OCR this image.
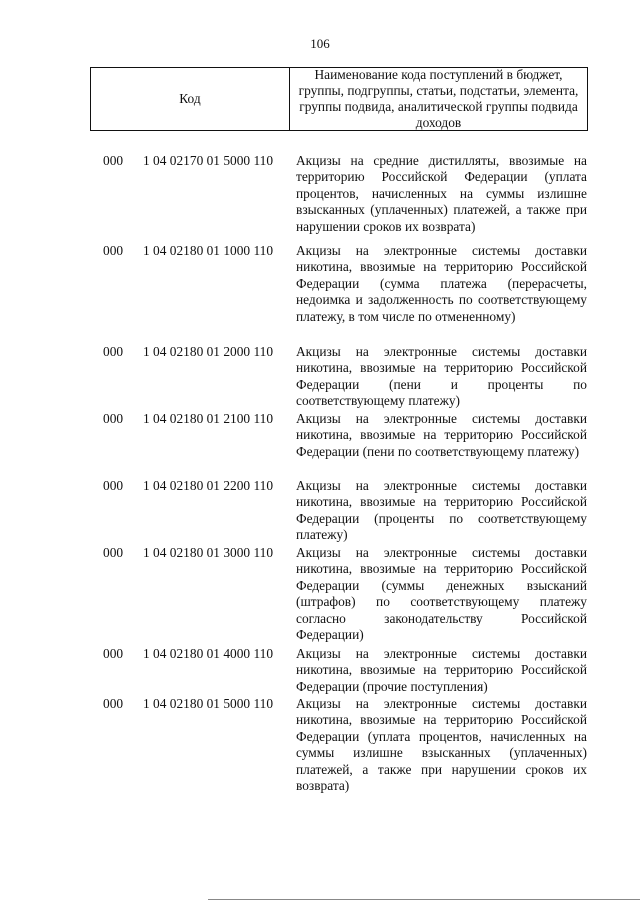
106
Код
Наименование кода поступлений в бюджет, группы, подгруппы, статьи, подстатьи, элемента, группы подвида, аналитической группы подвида доходов
000	1 04 02170 01 5000 110	Акцизы на средние дистилляты, ввозимые на территорию Российской Федерации (уплата процентов, начисленных на суммы излишне взысканных (уплаченных) платежей, а также при нарушении сроков их возврата)
000	1 04 02180 01 1000 110	Акцизы на электронные системы доставки никотина, ввозимые на территорию Российской Федерации (сумма платежа (перерасчеты, недоимка и задолженность по соответствующему платежу, в том числе по отмененному)
000	1 04 02180 01 2000 110	Акцизы на электронные системы доставки никотина, ввозимые на территорию Российской Федерации (пени и проценты по соответствующему платежу)
000	1 04 02180 01 2100 110	Акцизы на электронные системы доставки никотина, ввозимые на территорию Российской Федерации (пени по соответствующему платежу)
000	1 04 02180 01 2200 110	Акцизы на электронные системы доставки никотина, ввозимые на территорию Российской Федерации (проценты по соответствующему платежу)
000	1 04 02180 01 3000 110	Акцизы на электронные системы доставки никотина, ввозимые на территорию Российской Федерации (суммы денежных взысканий (штрафов) по соответствующему платежу согласно законодательству Российской Федерации)
000	1 04 02180 01 4000 110	Акцизы на электронные системы доставки никотина, ввозимые на территорию Российской Федерации (прочие поступления)
000	1 04 02180 01 5000 110	Акцизы на электронные системы доставки никотина, ввозимые на территорию Российской Федерации (уплата процентов, начисленных на суммы излишне взысканных (уплаченных) платежей, а также при нарушении сроков их возврата)
